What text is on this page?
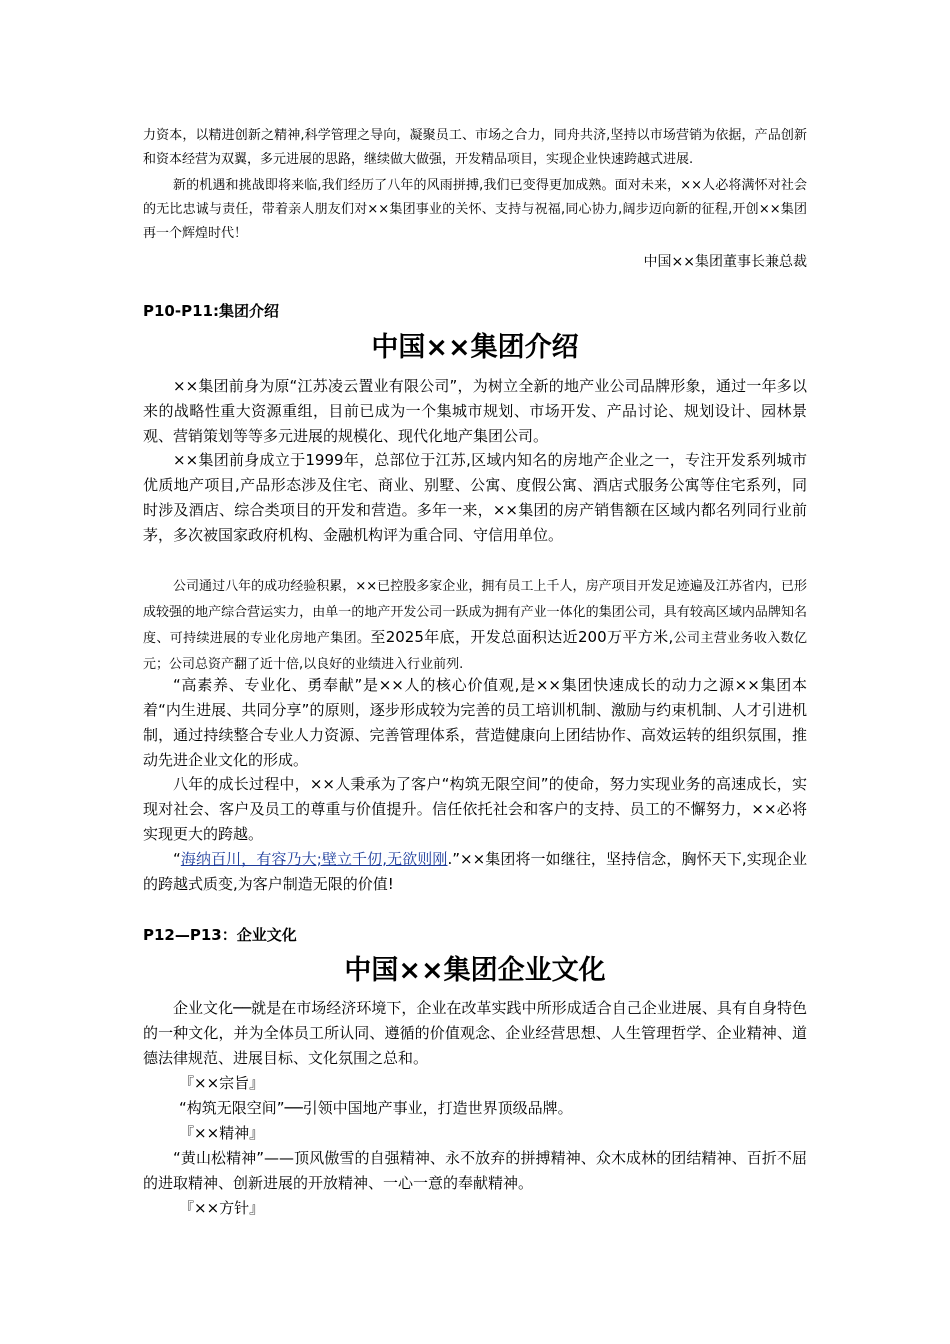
力资本，以精进创新之精神,科学管理之导向，凝聚员工、市场之合力，同舟共济,坚持以市场营销为依据，产品创新和资本经营为双翼，多元进展的思路，继续做大做强，开发精品项目，实现企业快速跨越式进展.

新的机遇和挑战即将来临,我们经历了八年的风雨拼搏,我们已变得更加成熟。面对未来，××人必将满怀对社会的无比忠诚与责任，带着亲人朋友们对××集团事业的关怀、支持与祝福,同心协力,阔步迈向新的征程,开创××集团再一个辉煌时代！

中国××集团董事长兼总裁

P10-P11:集团介绍

中国××集团介绍

××集团前身为原“江苏凌云置业有限公司”，为树立全新的地产业公司品牌形象，通过一年多以来的战略性重大资源重组，目前已成为一个集城市规划、市场开发、产品讨论、规划设计、园林景观、营销策划等等多元进展的规模化、现代化地产集团公司。

××集团前身成立于1999年，总部位于江苏,区域内知名的房地产企业之一，专注开发系列城市优质地产项目,产品形态涉及住宅、商业、别墅、公寓、度假公寓、酒店式服务公寓等住宅系列，同时涉及酒店、综合类项目的开发和营造。多年一来，××集团的房产销售额在区域内都名列同行业前茅，多次被国家政府机构、金融机构评为重合同、守信用单位。

公司通过八年的成功经验积累，××已控股多家企业，拥有员工上千人，房产项目开发足迹遍及江苏省内，已形成较强的地产综合营运实力，由单一的地产开发公司一跃成为拥有产业一体化的集团公司，具有较高区域内品牌知名度、可持续进展的专业化房地产集团。至2025年底，开发总面积达近200万平方米,公司主营业务收入数亿元；公司总资产翻了近十倍,以良好的业绩进入行业前列.

“高素养、专业化、勇奉献”是××人的核心价值观,是××集团快速成长的动力之源××集团本着“内生进展、共同分享”的原则，逐步形成较为完善的员工培训机制、激励与约束机制、人才引进机制，通过持续整合专业人力资源、完善管理体系，营造健康向上团结协作、高效运转的组织氛围，推动先进企业文化的形成。

八年的成长过程中，××人秉承为了客户“构筑无限空间”的使命，努力实现业务的高速成长，实现对社会、客户及员工的尊重与价值提升。信任依托社会和客户的支持、员工的不懈努力，××必将实现更大的跨越。

“海纳百川，有容乃大;壁立千仞,无欲则刚.”××集团将一如继往，坚持信念，胸怀天下,实现企业的跨越式质变,为客户制造无限的价值!

P12—P13：企业文化

中国××集团企业文化

企业文化──就是在市场经济环境下，企业在改革实践中所形成适合自己企业进展、具有自身特色的一种文化，并为全体员工所认同、遵循的价值观念、企业经营思想、人生管理哲学、企业精神、道德法律规范、进展目标、文化氛围之总和。

『××宗旨』

“构筑无限空间”──引领中国地产事业，打造世界顶级品牌。

『××精神』

“黄山松精神”——顶风傲雪的自强精神、永不放弃的拼搏精神、众木成林的团结精神、百折不屈的进取精神、创新进展的开放精神、一心一意的奉献精神。

『××方针』
